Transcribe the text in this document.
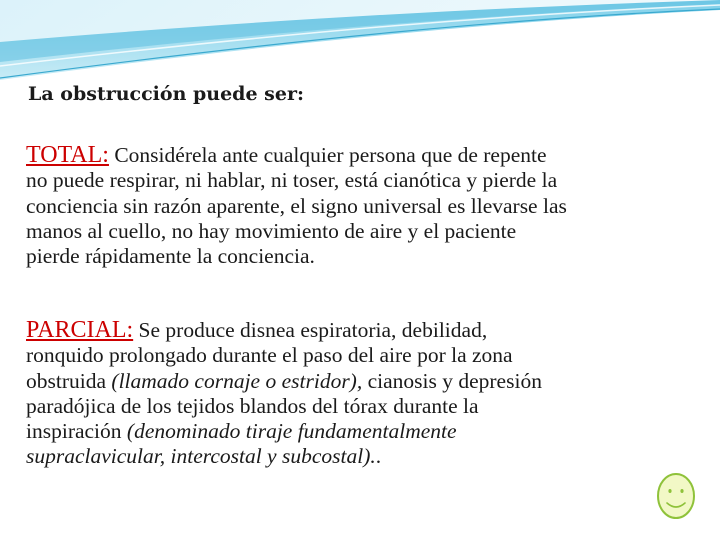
La obstrucción puede ser:
TOTAL: Considérela ante cualquier persona que de repente
no puede respirar, ni hablar, ni toser, está cianótica y pierde la
conciencia sin razón aparente, el signo universal es llevarse las
manos al cuello, no hay movimiento de aire y el paciente
pierde rápidamente la conciencia.
PARCIAL: Se produce disnea espiratoria, debilidad,
ronquido prolongado durante el paso del aire por la zona
obstruida (llamado cornaje o estridor), cianosis y depresión
paradójica de los tejidos blandos del tórax durante la
inspiración (denominado tiraje fundamentalmente
supraclavicular, intercostal y subcostal)..
